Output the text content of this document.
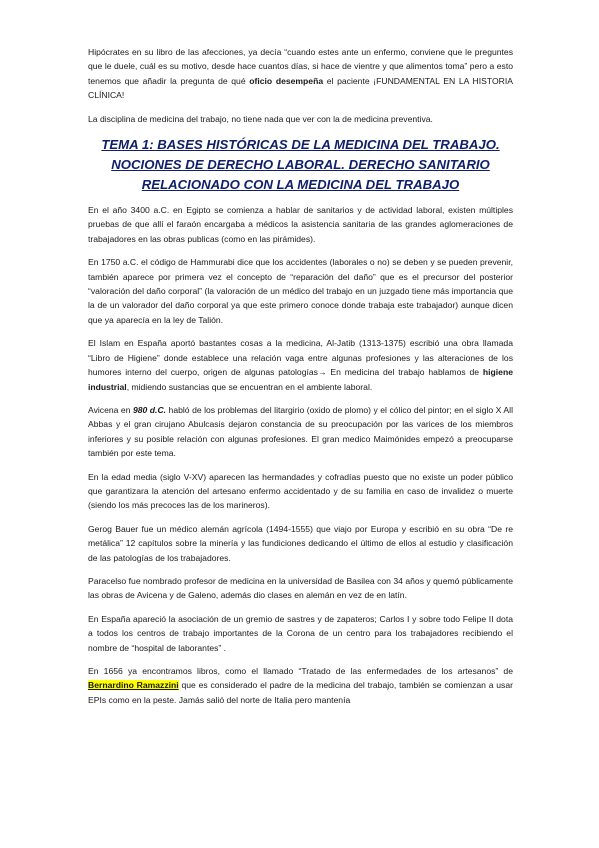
Hipócrates en su libro de las afecciones, ya decía “cuando estes ante un enfermo, conviene que le preguntes que le duele, cuál es su motivo, desde hace cuantos días, si hace de vientre y que alimentos toma” pero a esto tenemos que añadir la pregunta de qué oficio desempeña el paciente ¡FUNDAMENTAL EN LA HISTORIA CLÍNICA!

La disciplina de medicina del trabajo, no tiene nada que ver con la de medicina preventiva.

TEMA 1: BASES HISTÓRICAS DE LA MEDICINA DEL TRABAJO.
NOCIONES DE DERECHO LABORAL. DERECHO SANITARIO
RELACIONADO CON LA MEDICINA DEL TRABAJO

En el año 3400 a.C. en Egipto se comienza a hablar de sanitarios y de actividad laboral, existen múltiples pruebas de que allí el faraón encargaba a médicos la asistencia sanitaria de las grandes aglomeraciones de trabajadores en las obras publicas (como en las pirámides).

En 1750 a.C. el código de Hammurabi dice que los accidentes (laborales o no) se deben y se pueden prevenir, también aparece por primera vez el concepto de “reparación del daño” que es el precursor del posterior “valoración del daño corporal” (la valoración de un médico del trabajo en un juzgado tiene más importancia que la de un valorador del daño corporal ya que este primero conoce donde trabaja este trabajador) aunque dicen que ya aparecía en la ley de Talión.

El Islam en España aportó bastantes cosas a la medicina, Al-Jatib (1313-1375) escribió una obra llamada “Libro de Higiene” donde establece una relación vaga entre algunas profesiones y las alteraciones de los humores interno del cuerpo, origen de algunas patologías→ En medicina del trabajo hablamos de higiene industrial, midiendo sustancias que se encuentran en el ambiente laboral.

Avicena en 980 d.C. habló de los problemas del litargirio (oxido de plomo) y el cólico del pintor; en el siglo X All Abbas y el gran cirujano Abulcasis dejaron constancia de su preocupación por las varices de los miembros inferiores y su posible relación con algunas profesiones. El gran medico Maimónides empezó a preocuparse también por este tema.

En la edad media (siglo V-XV) aparecen las hermandades y cofradías puesto que no existe un poder público que garantizara la atención del artesano enfermo accidentado y de su familia en caso de invalidez o muerte (siendo los más precoces las de los marineros).

Gerog Bauer fue un médico alemán agrícola (1494-1555) que viajo por Europa y escribió en su obra “De re metálica” 12 capítulos sobre la minería y las fundiciones dedicando el último de ellos al estudio y clasificación de las patologías de los trabajadores.

Paracelso fue nombrado profesor de medicina en la universidad de Basilea con 34 años y quemó públicamente las obras de Avicena y de Galeno, además dio clases en alemán en vez de en latín.

En España apareció la asociación de un gremio de sastres y de zapateros; Carlos I y sobre todo Felipe II dota a todos los centros de trabajo importantes de la Corona de un centro para los trabajadores recibiendo el nombre de “hospital de laborantes” .

En 1656 ya encontramos libros, como el llamado “Tratado de las enfermedades de los artesanos” de Bernardino Ramazzini que es considerado el padre de la medicina del trabajo, también se comienzan a usar EPIs como en la peste. Jamás salió del norte de Italia pero mantenía
